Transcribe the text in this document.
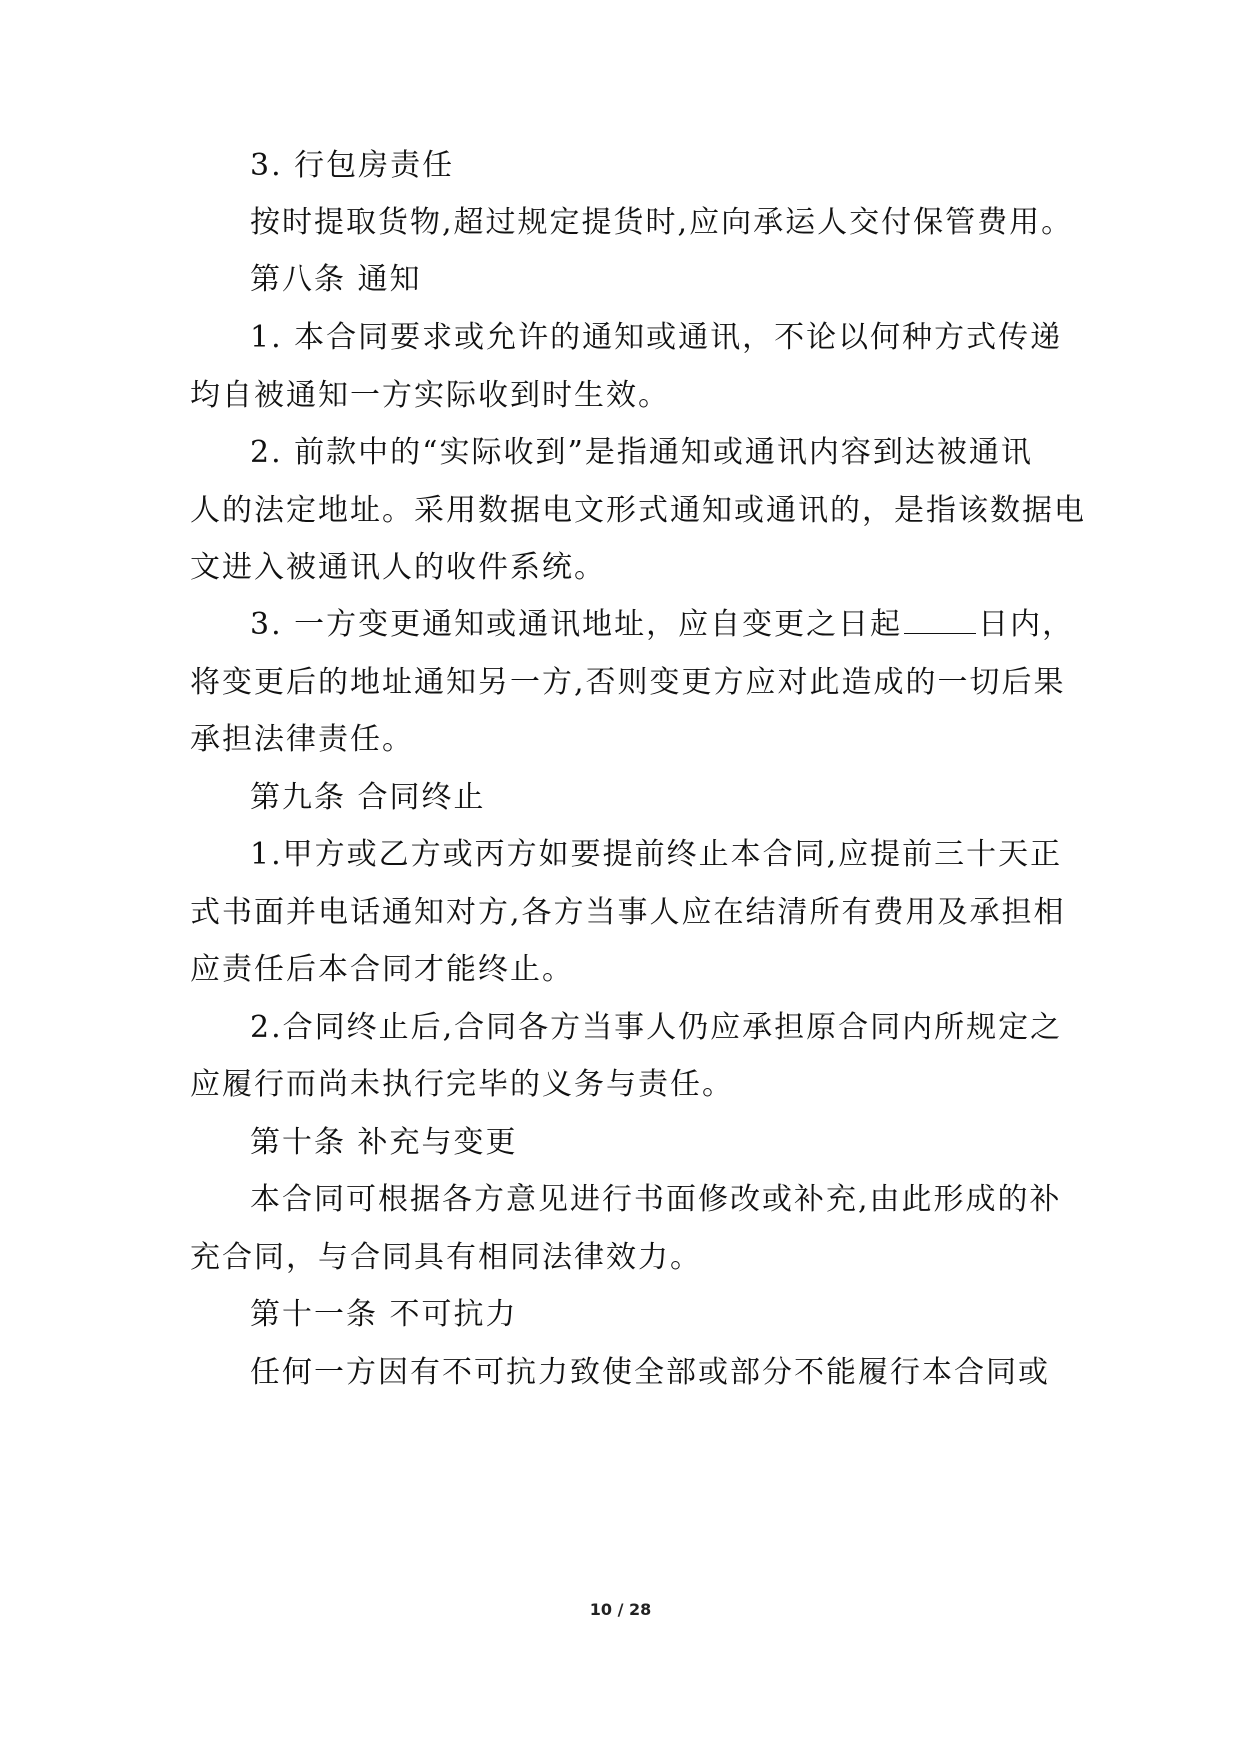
3. 行包房责任
按时提取货物,超过规定提货时,应向承运人交付保管费用。
第八条 通知
1. 本合同要求或允许的通知或通讯，不论以何种方式传递
均自被通知一方实际收到时生效。
2. 前款中的“实际收到”是指通知或通讯内容到达被通讯
人的法定地址。采用数据电文形式通知或通讯的，是指该数据电
文进入被通讯人的收件系统。
3. 一方变更通知或通讯地址，应自变更之日起	日内，
将变更后的地址通知另一方,否则变更方应对此造成的一切后果
承担法律责任。
第九条 合同终止
1.甲方或乙方或丙方如要提前终止本合同,应提前三十天正
式书面并电话通知对方,各方当事人应在结清所有费用及承担相
应责任后本合同才能终止。
2.合同终止后,合同各方当事人仍应承担原合同内所规定之
应履行而尚未执行完毕的义务与责任。
第十条 补充与变更
本合同可根据各方意见进行书面修改或补充,由此形成的补
充合同，与合同具有相同法律效力。
第十一条 不可抗力
任何一方因有不可抗力致使全部或部分不能履行本合同或
10 / 28
